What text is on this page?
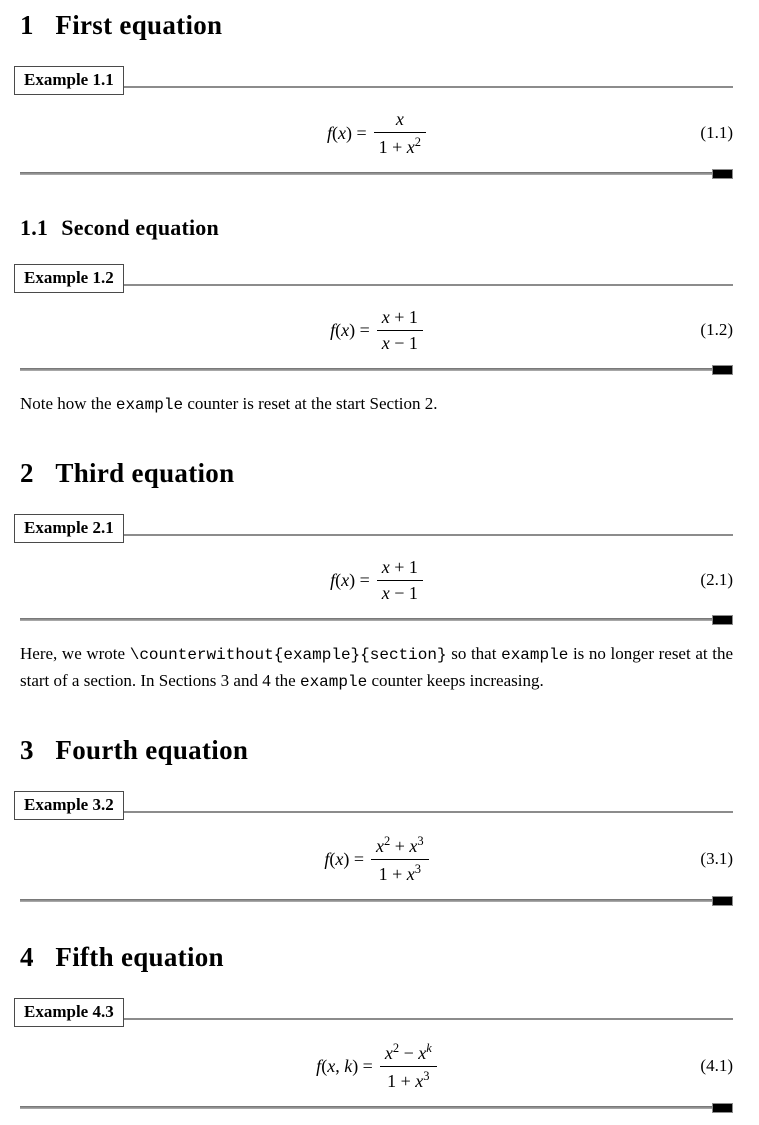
1 First equation
Example 1.1
$f(x) = \frac{x}{1 + x^2}$	(1.1)
1.1 Second equation
Example 1.2
$f(x) = \frac{x + 1}{x - 1}$	(1.2)

Note how the example counter is reset at the start Section 2.

2 Third equation
Example 2.1
$f(x) = \frac{x + 1}{x - 1}$	(2.1)

Here, we wrote \counterwithout{example}{section} so that example is no longer reset at the start of a section. In Sections 3 and 4 the example counter keeps increasing.

3 Fourth equation
Example 3.2
$f(x) = \frac{x^2 + x^3}{1 + x^3}$	(3.1)
4 Fifth equation
Example 4.3
f(x, $k) = \frac{x^2 - x^k}{1 + x^3}$	(4.1)
